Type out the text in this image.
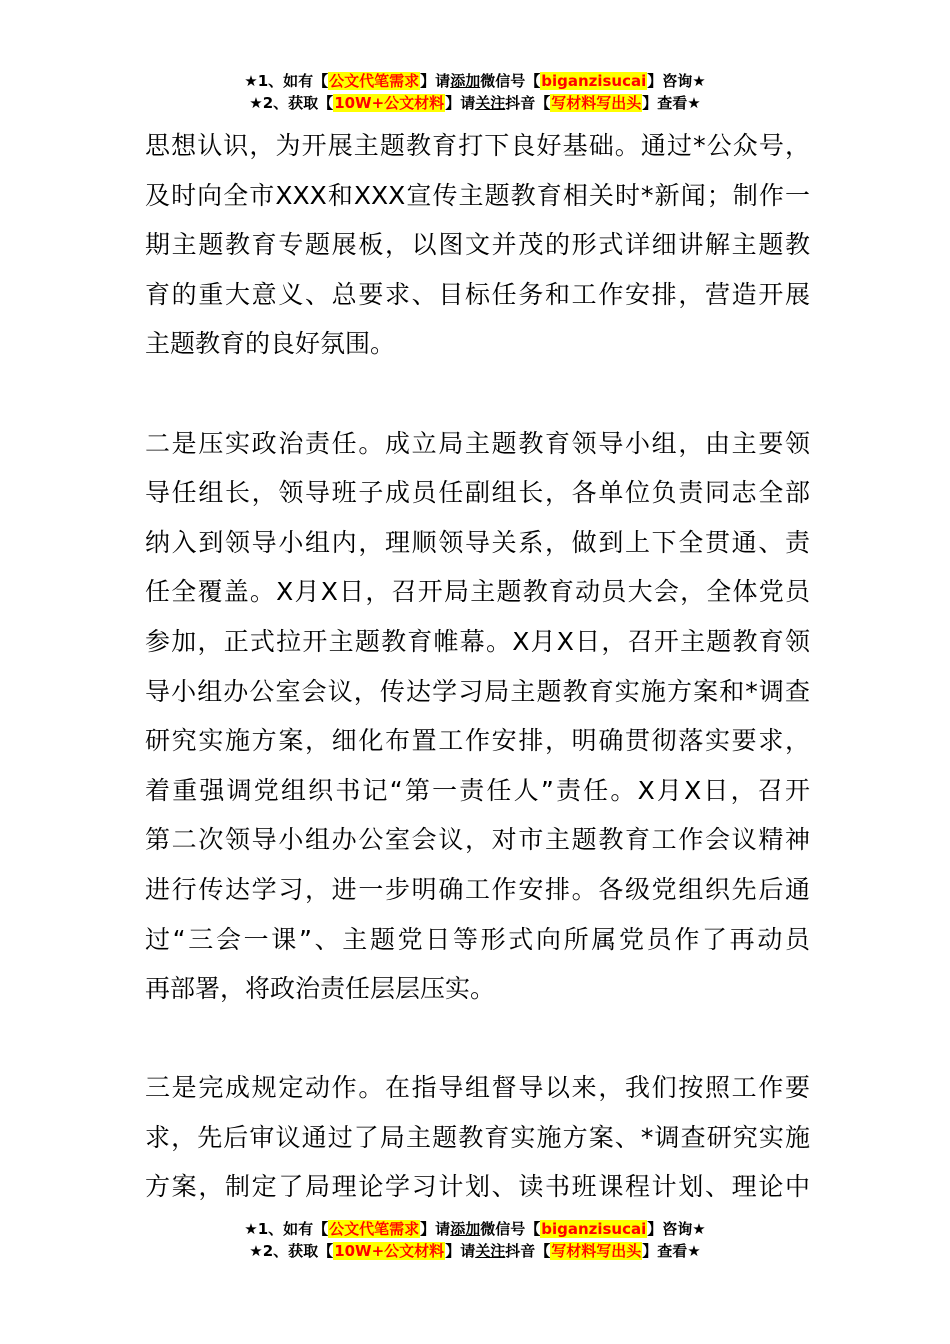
★1、如有【公文代笔需求】请添加微信号【biganzisucai】咨询★
★2、获取【10W+公文材料】请关注抖音【写材料写出头】查看★
思想认识，为开展主题教育打下良好基础。通过*公众号，
及时向全市XXX和XXX宣传主题教育相关时*新闻；制作一
期主题教育专题展板，以图文并茂的形式详细讲解主题教
育的重大意义、总要求、目标任务和工作安排，营造开展
主题教育的良好氛围。
二是压实政治责任。成立局主题教育领导小组，由主要领
导任组长，领导班子成员任副组长，各单位负责同志全部
纳入到领导小组内，理顺领导关系，做到上下全贯通、责
任全覆盖。X月X日，召开局主题教育动员大会，全体党员
参加，正式拉开主题教育帷幕。X月X日，召开主题教育领
导小组办公室会议，传达学习局主题教育实施方案和*调查
研究实施方案，细化布置工作安排，明确贯彻落实要求，
着重强调党组织书记“第一责任人”责任。X月X日，召开
第二次领导小组办公室会议，对市主题教育工作会议精神
进行传达学习，进一步明确工作安排。各级党组织先后通
过“三会一课”、主题党日等形式向所属党员作了再动员
再部署，将政治责任层层压实。
三是完成规定动作。在指导组督导以来，我们按照工作要
求，先后审议通过了局主题教育实施方案、*调查研究实施
方案，制定了局理论学习计划、读书班课程计划、理论中
★1、如有【公文代笔需求】请添加微信号【biganzisucai】咨询★
★2、获取【10W+公文材料】请关注抖音【写材料写出头】查看★
